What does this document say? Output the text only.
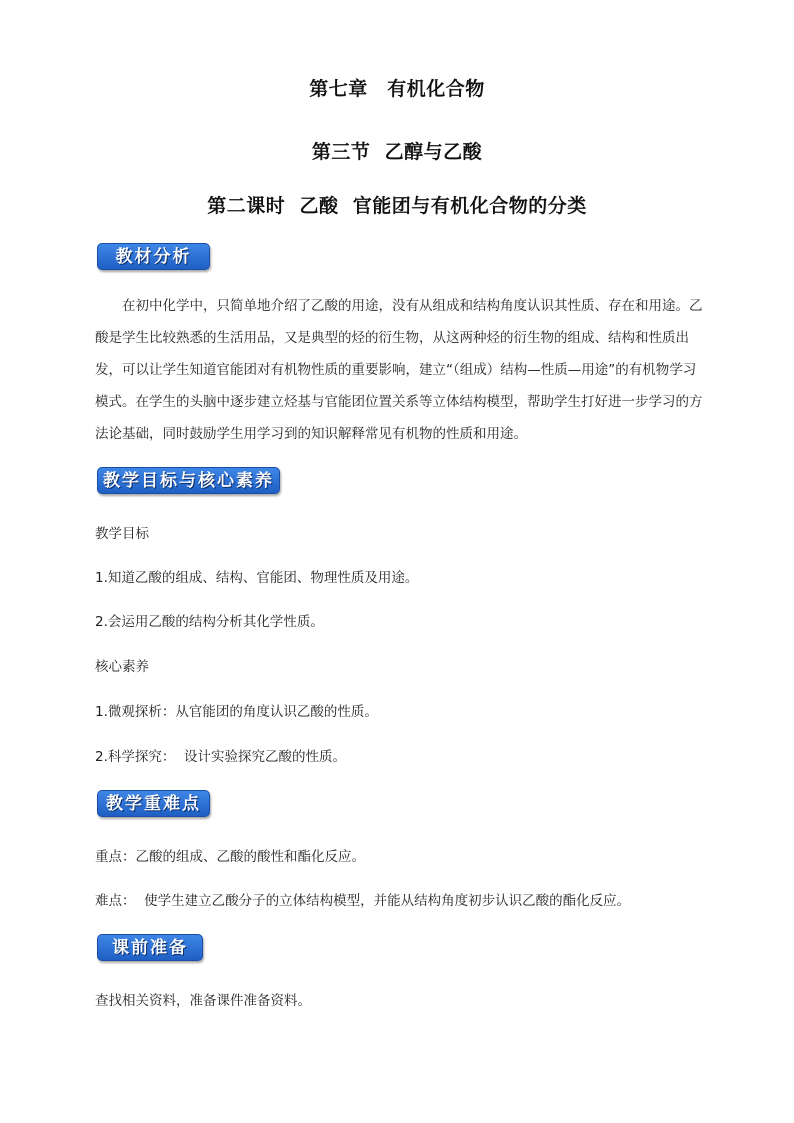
第七章　有机化合物
第三节  乙醇与乙酸
第二课时  乙酸  官能团与有机化合物的分类
教材分析

在初中化学中，只简单地介绍了乙酸的用途，没有从组成和结构角度认识其性质、存在和用途。乙酸是学生比较熟悉的生活用品，又是典型的烃的衍生物，从这两种烃的衍生物的组成、结构和性质出发，可以让学生知道官能团对有机物性质的重要影响，建立“（组成）结构—性质—用途”的有机物学习模式。在学生的头脑中逐步建立烃基与官能团位置关系等立体结构模型，帮助学生打好进一步学习的方法论基础，同时鼓励学生用学习到的知识解释常见有机物的性质和用途。

教学目标与核心素养

教学目标

1.知道乙酸的组成、结构、官能团、物理性质及用途。

2.会运用乙酸的结构分析其化学性质。

核心素养

1.微观探析：从官能团的角度认识乙酸的性质。

2.科学探究：  设计实验探究乙酸的性质。

教学重难点

重点：乙酸的组成、乙酸的酸性和酯化反应。

难点：  使学生建立乙酸分子的立体结构模型，并能从结构角度初步认识乙酸的酯化反应。

课前准备

查找相关资料，准备课件准备资料。
